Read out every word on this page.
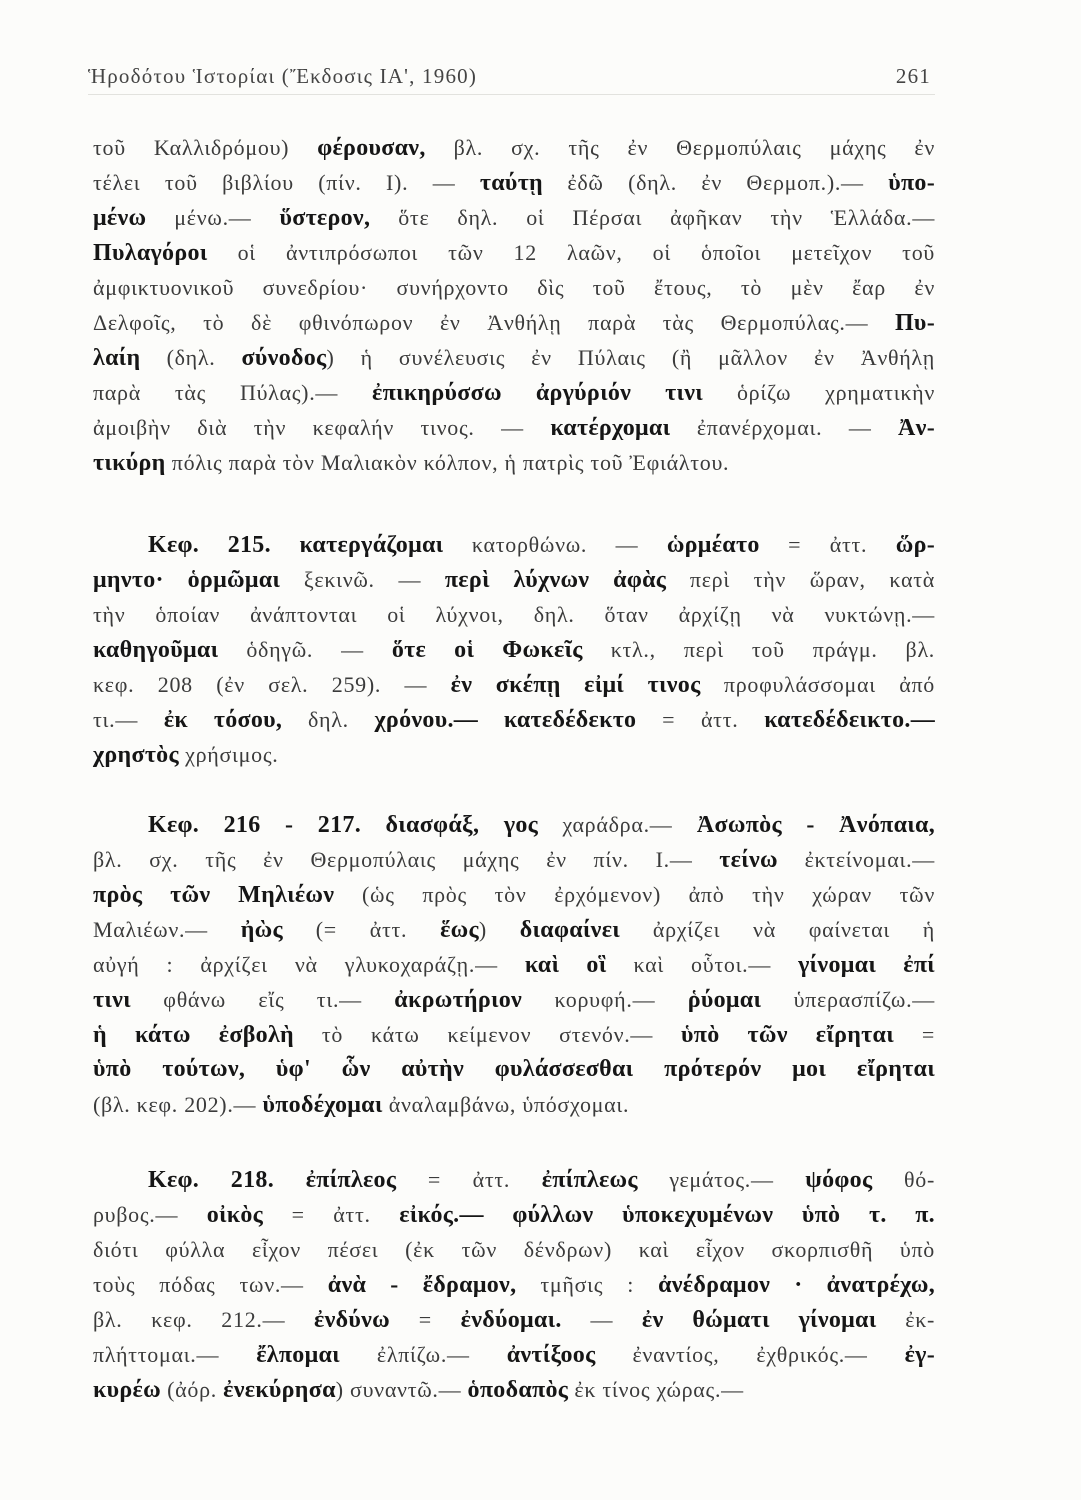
Ἡροδότου Ἱστορίαι (Ἔκδοσις ΙΑ', 1960)	261
τοῦ Καλλιδρόμου) φέρουσαν, βλ. σχ. τῆς ἐν Θερμοπύλαις μάχης ἐν
τέλει τοῦ βιβλίου (πίν. Ι). — ταύτῃ ἐδῶ (δηλ. ἐν Θερμοπ.).— ὑπο-
μένω μένω.— ὕστερον, ὅτε δηλ. οἱ Πέρσαι ἀφῆκαν τὴν Ἑλλάδα.—
Πυλαγόροι οἱ ἀντιπρόσωποι τῶν 12 λαῶν, οἱ ὁποῖοι μετεῖχον τοῦ
ἀμφικτυονικοῦ συνεδρίου· συνήρχοντο δὶς τοῦ ἔτους, τὸ μὲν ἔαρ ἐν
Δελφοῖς, τὸ δὲ φθινόπωρον ἐν Ἀνθήλῃ παρὰ τὰς Θερμοπύλας.— Πυ-
λαίη (δηλ. σύνοδος) ἡ συνέλευσις ἐν Πύλαις (ἢ μᾶλλον ἐν Ἀνθήλῃ
παρὰ τὰς Πύλας).— ἐπικηρύσσω ἀργύριόν τινι ὁρίζω χρηματικὴν
ἀμοιβὴν διὰ τὴν κεφαλήν τινος. — κατέρχομαι ἐπανέρχομαι. — Ἀν-
τικύρη πόλις παρὰ τὸν Μαλιακὸν κόλπον, ἡ πατρὶς τοῦ Ἐφιάλτου.
Κεφ. 215. κατεργάζομαι κατορθώνω. — ὡρμέατο = ἀττ. ὥρ-
μηντο· ὁρμῶμαι ξεκινῶ. — περὶ λύχνων ἀφὰς περὶ τὴν ὥραν, κατὰ
τὴν ὁποίαν ἀνάπτονται οἱ λύχνοι, δηλ. ὅταν ἀρχίζῃ νὰ νυκτώνῃ.—
καθηγοῦμαι ὁδηγῶ. — ὅτε οἱ Φωκεῖς κτλ., περὶ τοῦ πράγμ. βλ.
κεφ. 208 (ἐν σελ. 259). — ἐν σκέπῃ εἰμί τινος προφυλάσσομαι ἀπό
τι.— ἐκ τόσου, δηλ. χρόνου.— κατεδέδεκτο = ἀττ. κατεδέδεικτο.—
χρηστὸς χρήσιμος.
Κεφ. 216 - 217. διασφάξ, γος χαράδρα.— Ἀσωπὸς - Ἀνόπαια,
βλ. σχ. τῆς ἐν Θερμοπύλαις μάχης ἐν πίν. Ι.— τείνω ἐκτείνομαι.—
πρὸς τῶν Μηλιέων (ὡς πρὸς τὸν ἐρχόμενον) ἀπὸ τὴν χώραν τῶν
Μαλιέων.— ἠὼς (= ἀττ. ἕως) διαφαίνει ἀρχίζει νὰ φαίνεται ἡ
αὐγή : ἀρχίζει νὰ γλυκοχαράζῃ.— καὶ οἳ καὶ οὗτοι.— γίνομαι ἐπί
τινι φθάνω εἴς τι.— ἀκρωτήριον κορυφή.— ῥύομαι ὑπερασπίζω.—
ἡ κάτω ἐσβολὴ τὸ κάτω κείμενον στενόν.— ὑπὸ τῶν εἴρηται =
ὑπὸ τούτων, ὑφ' ὧν αὐτὴν φυλάσσεσθαι πρότερόν μοι εἴρηται
(βλ. κεφ. 202).— ὑποδέχομαι ἀναλαμβάνω, ὑπόσχομαι.
Κεφ. 218. ἐπίπλεος = ἀττ. ἐπίπλεως γεμάτος.— ψόφος θό-
ρυβος.— οἰκὸς = ἀττ. εἰκός.— φύλλων ὑποκεχυμένων ὑπὸ τ. π.
διότι φύλλα εἶχον πέσει (ἐκ τῶν δένδρων) καὶ εἶχον σκορπισθῆ ὑπὸ
τοὺς πόδας των.— ἀνὰ - ἔδραμον, τμῆσις : ἀνέδραμον · ἀνατρέχω,
βλ. κεφ. 212.— ἐνδύνω = ἐνδύομαι. — ἐν θώματι γίνομαι ἐκ-
πλήττομαι.— ἔλπομαι ἐλπίζω.— ἀντίξοος ἐναντίος, ἐχθρικός.— ἐγ-
κυρέω (ἀόρ. ἐνεκύρησα) συναντῶ.— ὁποδαπὸς ἐκ τίνος χώρας.—
